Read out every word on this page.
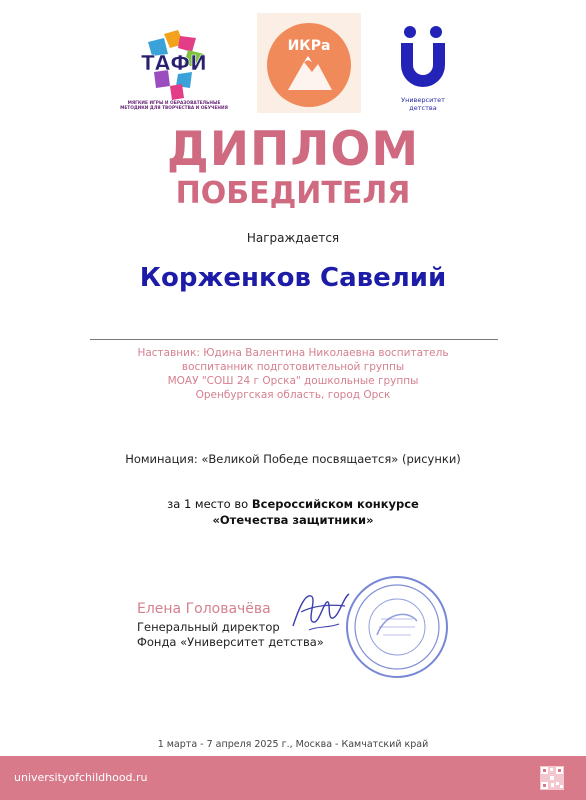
ТАФИ
МЯГКИЕ ИГРЫ И ОБРАЗОВАТЕЛЬНЫЕ МЕТОДИКИ ДЛЯ ТВОРЧЕСТВА И ОБУЧЕНИЯ
ИКРа
Университет
детства
ДИПЛОМ
ПОБЕДИТЕЛЯ
Награждается
Корженков Савелий
Наставник: Юдина Валентина Николаевна воспитатель
воспитанник подготовительной группы
МОАУ "СОШ 24 г Орска" дошкольные группы
Оренбургская область, город Орск
Номинация: «Великой Победе посвящается» (рисунки)
за 1 место во Всероссийском конкурсе
«Отечества защитники»
Елена Головачёва
Генеральный директор
Фонда «Университет детства»
1 марта - 7 апреля 2025 г., Москва - Камчатский край
universityofchildhood.ru
